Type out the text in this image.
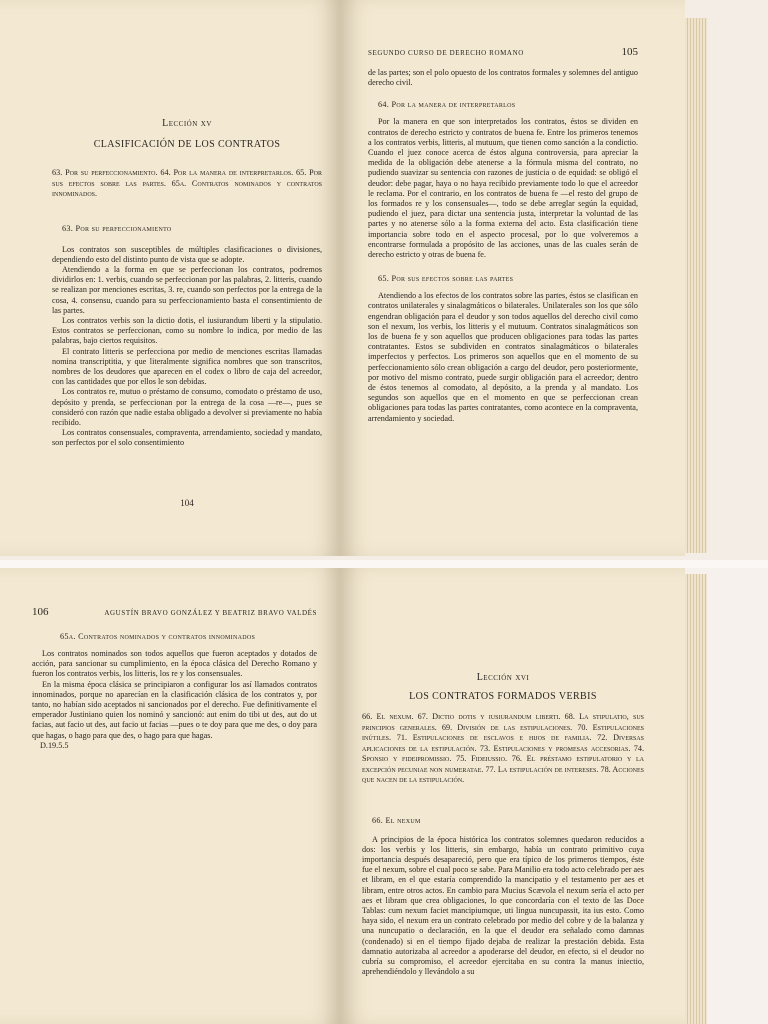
Lección xv
CLASIFICACIÓN DE LOS CONTRATOS
63. Por su perfeccionamiento. 64. Por la manera de interpretarlos. 65. Por sus efectos sobre las partes. 65a. Contratos nominados y contratos innominados.
63. Por su perfeccionamiento

Los contratos son susceptibles de múltiples clasificaciones o divisiones, dependiendo esto del distinto punto de vista que se adopte.

Atendiendo a la forma en que se perfeccionan los contratos, podremos dividirlos en: 1. verbis, cuando se perfeccionan por las palabras, 2. litteris, cuando se realizan por menciones escritas, 3. re, cuando son perfectos por la entrega de la cosa, 4. consensu, cuando para su perfeccionamiento basta el consentimiento de las partes.

Los contratos verbis son la dictio dotis, el iusiurandum liberti y la stipulatio. Estos contratos se perfeccionan, como su nombre lo indica, por medio de las palabras, bajo ciertos requisitos.

El contrato litteris se perfecciona por medio de menciones escritas llamadas nomina transcriptitia, y que literalmente significa nombres que son transcritos, nombres de los deudores que aparecen en el codex o libro de caja del acreedor, con las cantidades que por ellos le son debidas.

Los contratos re, mutuo o préstamo de consumo, comodato o préstamo de uso, depósito y prenda, se perfeccionan por la entrega de la cosa —re—, pues se consideró con razón que nadie estaba obligado a devolver si previamente no había recibido.

Los contratos consensuales, compraventa, arrendamiento, sociedad y mandato, son perfectos por el solo consentimiento

104
SEGUNDO CURSO DE DERECHO ROMANO	105

de las partes; son el polo opuesto de los contratos formales y solemnes del antiguo derecho civil.

64. Por la manera de interpretarlos

Por la manera en que son interpretados los contratos, éstos se dividen en contratos de derecho estricto y contratos de buena fe. Entre los primeros tenemos a los contratos verbis, litteris, al mutuum, que tienen como sanción a la condictio. Cuando el juez conoce acerca de éstos alguna controversia, para apreciar la medida de la obligación debe atenerse a la fórmula misma del contrato, no pudiendo suavizar su sentencia con razones de justicia o de equidad: se obligó el deudor: debe pagar, haya o no haya recibido previamente todo lo que el acreedor le reclama. Por el contrario, en los contratos de buena fe —el resto del grupo de los formados re y los consensuales—, todo se debe arreglar según la equidad, pudiendo el juez, para dictar una sentencia justa, interpretar la voluntad de las partes y no atenerse sólo a la forma externa del acto. Esta clasificación tiene importancia sobre todo en el aspecto procesal, por lo que volveremos a encontrarse formulada a propósito de las acciones, unas de las cuales serán de derecho estricto y otras de buena fe.

65. Por sus efectos sobre las partes

Atendiendo a los efectos de los contratos sobre las partes, éstos se clasifican en contratos unilaterales y sinalagmáticos o bilaterales. Unilaterales son los que sólo engendran obligación para el deudor y son todos aquellos del derecho civil como son el nexum, los verbis, los litteris y el mutuum. Contratos sinalagmáticos son los de buena fe y son aquellos que producen obligaciones para todas las partes contratantes. Estos se subdividen en contratos sinalagmáticos o bilaterales imperfectos y perfectos. Los primeros son aquellos que en el momento de su perfeccionamiento sólo crean obligación a cargo del deudor, pero posteriormente, por motivo del mismo contrato, puede surgir obligación para el acreedor; dentro de éstos tenemos al comodato, al depósito, a la prenda y al mandato. Los segundos son aquellos que en el momento en que se perfeccionan crean obligaciones para todas las partes contratantes, como acontece en la compraventa, arrendamiento y sociedad.

106	AGUSTÍN BRAVO GONZÁLEZ Y BEATRIZ BRAVO VALDÉS
65a. Contratos nominados y contratos innominados

Los contratos nominados son todos aquellos que fueron aceptados y dotados de acción, para sancionar su cumplimiento, en la época clásica del Derecho Romano y fueron los contratos verbis, los litteris, los re y los consensuales.

En la misma época clásica se principiaron a configurar los así llamados contratos innominados, porque no aparecían en la clasificación clásica de los contratos y, por tanto, no habían sido aceptados ni sancionados por el derecho. Fue definitivamente el emperador Justiniano quien los nominó y sancionó: aut enim do tibi ut des, aut do ut facias, aut facio ut des, aut facio ut facias —pues o te doy para que me des, o doy para que hagas, o hago para que des, o hago para que hagas.

D.19.5.5

Lección xvi
LOS CONTRATOS FORMADOS VERBIS
66. El nexum. 67. Dictio dotis y iusiurandum liberti. 68. La stipulatio, sus principios generales. 69. División de las estipulaciones. 70. Estipulaciones inútiles. 71. Estipulaciones de esclavos e hijos de familia. 72. Diversas aplicaciones de la estipulación. 73. Estipulaciones y promesas accesorias. 74. Sponsio y fideipromissio. 75. Fideiussio. 76. El préstamo estipulatorio y la excepción pecuniae non numeratae. 77. La estipulación de intereses. 78. Acciones que nacen de la estipulación.
66. El nexum

A principios de la época histórica los contratos solemnes quedaron reducidos a dos: los verbis y los litteris, sin embargo, había un contrato primitivo cuya importancia después desapareció, pero que era típico de los primeros tiempos, éste fue el nexum, sobre el cual poco se sabe. Para Manilio era todo acto celebrado per aes et libram, en el que estaría comprendido la mancipatio y el testamento per aes et libram, entre otros actos. En cambio para Mucius Scævola el nexum sería el acto per aes et libram que crea obligaciones, lo que concordaría con el texto de las Doce Tablas: cum nexum faciet mancipiumque, uti lingua nuncupassit, ita ius esto. Como haya sido, el nexum era un contrato celebrado por medio del cobre y de la balanza y una nuncupatio o declaración, en la que el deudor era señalado como damnas (condenado) si en el tiempo fijado dejaba de realizar la prestación debida. Esta damnatio autorizaba al acreedor a apoderarse del deudor, en efecto, si el deudor no cubría su compromiso, el acreedor ejercitaba en su contra la manus iniectio, aprehendiéndolo y llevándolo a su
